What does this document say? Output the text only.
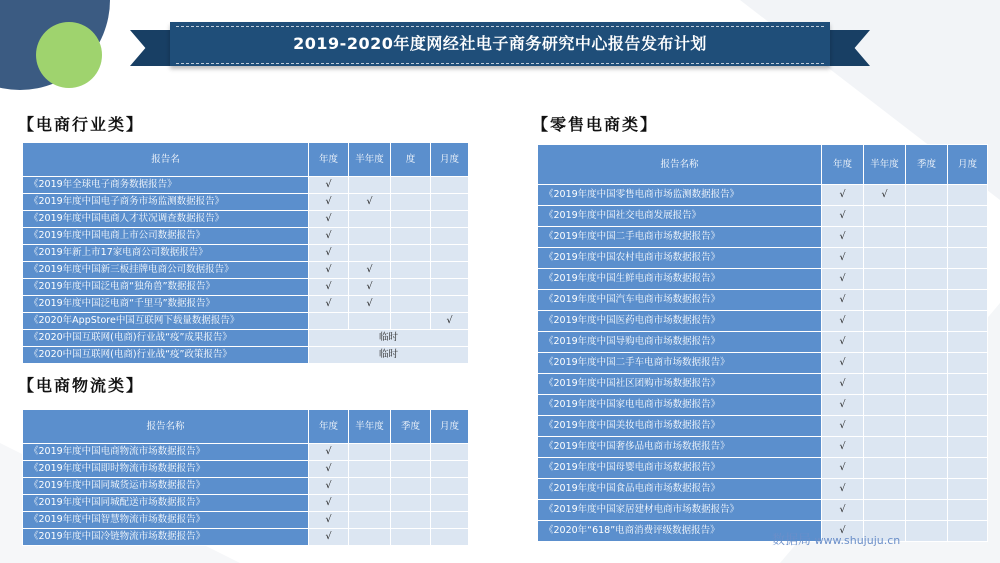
2019-2020年度网经社电子商务研究中心报告发布计划
【电商行业类】
【电商物流类】
【零售电商类】
报告名	年度	半年度	度	月度
《2019年全球电子商务数据报告》	√			
《2019年度中国电子商务市场监测数据报告》	√	√		
《2019年度中国电商人才状况调查数据报告》	√			
《2019年度中国电商上市公司数据报告》	√			
《2019年新上市17家电商公司数据报告》	√			
《2019年度中国新三板挂牌电商公司数据报告》	√	√		
《2019年度中国泛电商“独角兽”数据报告》	√	√		
《2019年度中国泛电商“千里马”数据报告》	√	√		
《2020年AppStore中国互联网下载量数据报告》				√
《2020中国互联网(电商)行业战“疫”成果报告》	临时			
《2020中国互联网(电商)行业战“疫”政策报告》	临时			
报告名称	年度	半年度	季度	月度
《2019年度中国电商物流市场数据报告》	√			
《2019年度中国即时物流市场数据报告》	√			
《2019年度中国同城货运市场数据报告》	√			
《2019年度中国同城配送市场数据报告》	√			
《2019年度中国智慧物流市场数据报告》	√			
《2019年度中国冷链物流市场数据报告》	√			
报告名称	年度	半年度	季度	月度
《2019年度中国零售电商市场监测数据报告》	√	√		
《2019年度中国社交电商发展报告》	√			
《2019年度中国二手电商市场数据报告》	√			
《2019年度中国农村电商市场数据报告》	√			
《2019年度中国生鲜电商市场数据报告》	√			
《2019年度中国汽车电商市场数据报告》	√			
《2019年度中国医药电商市场数据报告》	√			
《2019年度中国导购电商市场数据报告》	√			
《2019年度中国二手车电商市场数据报告》	√			
《2019年度中国社区团购市场数据报告》	√			
《2019年度中国家电电商市场数据报告》	√			
《2019年度中国美妆电商市场数据报告》	√			
《2019年度中国奢侈品电商市场数据报告》	√			
《2019年度中国母婴电商市场数据报告》	√			
《2019年度中国食品电商市场数据报告》	√			
《2019年度中国家居建材电商市场数据报告》	√			
《2020年“618”电商消费评级数据报告》	√			
数据局 www.shujuju.cn
